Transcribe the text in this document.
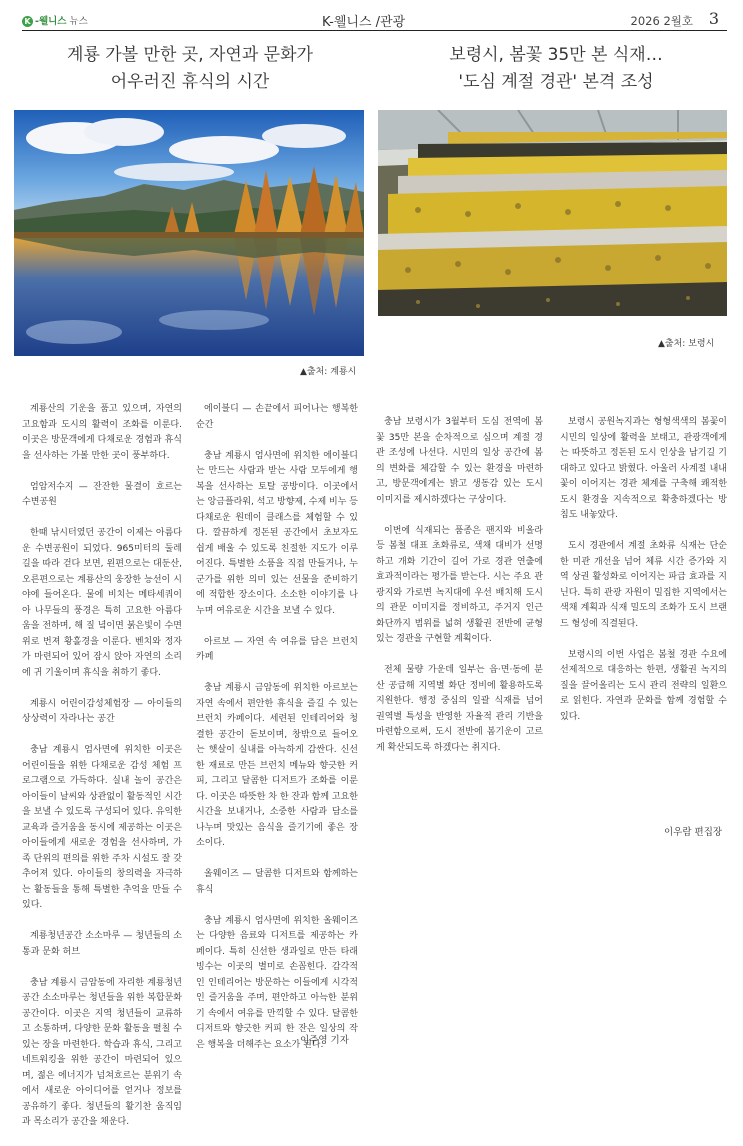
K -웰니스 뉴스	K-웰니스 /관광	2026 2월호 3
계룡 가볼 만한 곳, 자연과 문화가
어우러진 휴식의 시간
보령시, 봄꽃 35만 본 식재…
'도심 계절 경관' 본격 조성
▲출처: 계룡시
▲출처: 보령시

계룡산의 기운을 품고 있으며, 자연의 고요함과 도시의 활력이 조화를 이룬다. 이곳은 방문객에게 다채로운 경험과 휴식을 선사하는 가볼 만한 곳이 풍부하다.

엄암저수지 — 잔잔한 물결이 흐르는 수변공원

한때 낚시터였던 공간이 이제는 아름다운 수변공원이 되었다. 965미터의 둘레길을 따라 걷다 보면, 왼편으로는 대둔산, 오른편으로는 계룡산의 웅장한 능선이 시야에 들어온다. 물에 비치는 메타세쿼이아 나무들의 풍경은 특히 고요한 아름다움을 전하며, 해 질 녘이면 붉은빛이 수면 위로 번져 황홀경을 이룬다. 벤치와 정자가 마련되어 있어 잠시 앉아 자연의 소리에 귀 기울이며 휴식을 취하기 좋다.

계룡시 어린이감성체험장 — 아이들의 상상력이 자라나는 공간

충남 계룡시 엄사면에 위치한 이곳은 어린이들을 위한 다채로운 감성 체험 프로그램으로 가득하다. 실내 놀이 공간은 아이들이 날씨와 상관없이 활동적인 시간을 보낼 수 있도록 구성되어 있다. 유익한 교육과 즐거움을 동시에 제공하는 이곳은 아이들에게 새로운 경험을 선사하며, 가족 단위의 편의를 위한 주차 시설도 잘 갖추어져 있다. 아이들의 창의력을 자극하는 활동들을 통해 특별한 추억을 만들 수 있다.

계룡청년공간 소소마루 — 청년들의 소통과 문화 허브

충남 계룡시 금암동에 자리한 계룡청년공간 소소마루는 청년들을 위한 복합문화공간이다. 이곳은 지역 청년들이 교류하고 소통하며, 다양한 문화 활동을 펼칠 수 있는 장을 마련한다. 학습과 휴식, 그리고 네트워킹을 위한 공간이 마련되어 있으며, 젊은 에너지가 넘쳐흐르는 분위기 속에서 새로운 아이디어를 얻거나 정보를 공유하기 좋다. 청년들의 활기찬 움직임과 목소리가 공간을 채운다.

에이블디 — 손끝에서 피어나는 행복한 순간

충남 계룡시 엄사면에 위치한 에이블디는 만드는 사람과 받는 사람 모두에게 행복을 선사하는 토탈 공방이다. 이곳에서는 앙금플라워, 석고 방향제, 수제 비누 등 다채로운 원데이 클래스를 체험할 수 있다. 깔끔하게 정돈된 공간에서 초보자도 쉽게 배울 수 있도록 친절한 지도가 이루어진다. 특별한 소품을 직접 만들거나, 누군가를 위한 의미 있는 선물을 준비하기에 적합한 장소이다. 소소한 이야기를 나누며 여유로운 시간을 보낼 수 있다.

아르보 — 자연 속 여유를 담은 브런치 카페

충남 계룡시 금암동에 위치한 아르보는 자연 속에서 편안한 휴식을 즐길 수 있는 브런치 카페이다. 세련된 인테리어와 청결한 공간이 돋보이며, 창밖으로 들어오는 햇살이 실내를 아늑하게 감싼다. 신선한 재료로 만든 브런치 메뉴와 향긋한 커피, 그리고 달콤한 디저트가 조화를 이룬다. 이곳은 따뜻한 차 한 잔과 함께 고요한 시간을 보내거나, 소중한 사람과 담소를 나누며 맛있는 음식을 즐기기에 좋은 장소이다.

올웨이즈 — 달콤한 디저트와 함께하는 휴식

충남 계룡시 엄사면에 위치한 올웨이즈는 다양한 음료와 디저트를 제공하는 카페이다. 특히 신선한 생과일로 만든 타래 빙수는 이곳의 별미로 손꼽힌다. 감각적인 인테리어는 방문하는 이들에게 시각적인 즐거움을 주며, 편안하고 아늑한 분위기 속에서 여유를 만끽할 수 있다. 달콤한 디저트와 향긋한 커피 한 잔은 일상의 작은 행복을 더해주는 요소가 된다.

충남 보령시가 3월부터 도심 전역에 봄꽃 35만 본을 순차적으로 심으며 계절 경관 조성에 나선다. 시민의 일상 공간에 봄의 변화를 체감할 수 있는 환경을 마련하고, 방문객에게는 밝고 생동감 있는 도시 이미지를 제시하겠다는 구상이다.

이번에 식재되는 품종은 팬지와 비올라 등 봄철 대표 초화류로, 색채 대비가 선명하고 개화 기간이 길어 가로 경관 연출에 효과적이라는 평가를 받는다. 시는 주요 관광지와 가로변 녹지대에 우선 배치해 도시의 관문 이미지를 정비하고, 주거지 인근 화단까지 범위를 넓혀 생활권 전반에 균형 있는 경관을 구현할 계획이다.

전체 물량 가운데 일부는 읍·면·동에 분산 공급해 지역별 화단 정비에 활용하도록 지원한다. 행정 중심의 일괄 식재를 넘어 권역별 특성을 반영한 자율적 관리 기반을 마련함으로써, 도시 전반에 봄기운이 고르게 확산되도록 하겠다는 취지다.

보령시 공원녹지과는 형형색색의 봄꽃이 시민의 일상에 활력을 보태고, 관광객에게는 따뜻하고 정돈된 도시 인상을 남기길 기대하고 있다고 밝혔다. 아울러 사계절 내내 꽃이 이어지는 경관 체계를 구축해 쾌적한 도시 환경을 지속적으로 확충하겠다는 방침도 내놓았다.

도시 경관에서 계절 초화류 식재는 단순한 미관 개선을 넘어 체류 시간 증가와 지역 상권 활성화로 이어지는 파급 효과를 지닌다. 특히 관광 자원이 밀집한 지역에서는 색채 계획과 식재 밀도의 조화가 도시 브랜드 형성에 직결된다.

보령시의 이번 사업은 봄철 경관 수요에 선제적으로 대응하는 한편, 생활권 녹지의 질을 끌어올리는 도시 관리 전략의 일환으로 읽힌다. 자연과 문화를 함께 경험할 수 있다.

이주영 기자
이우람 편집장
